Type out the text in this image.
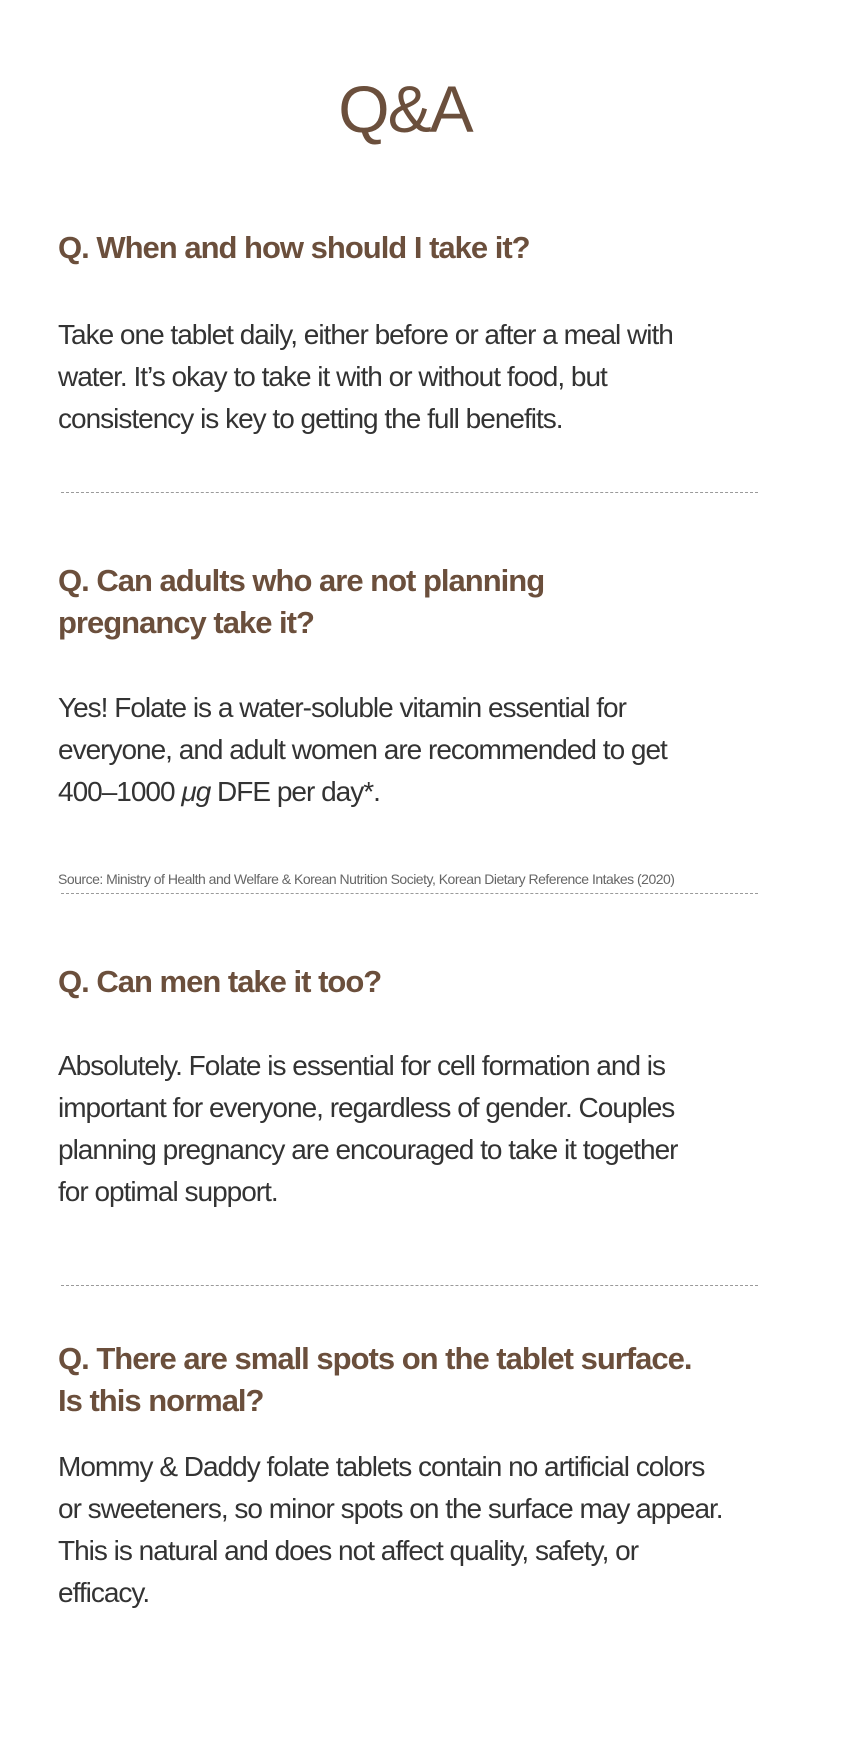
Q&A
Q. When and how should I take it?

Take one tablet daily, either before or after a meal with
water. It’s okay to take it with or without food, but
consistency is key to getting the full benefits.

Q. Can adults who are not planning
pregnancy take it?

Yes! Folate is a water-soluble vitamin essential for
everyone, and adult women are recommended to get
400–1000 μg DFE per day*.

Source: Ministry of Health and Welfare & Korean Nutrition Society, Korean Dietary Reference Intakes (2020)

Q. Can men take it too?

Absolutely. Folate is essential for cell formation and is
important for everyone, regardless of gender. Couples
planning pregnancy are encouraged to take it together
for optimal support.

Q. There are small spots on the tablet surface.
Is this normal?

Mommy & Daddy folate tablets contain no artificial colors
or sweeteners, so minor spots on the surface may appear.
This is natural and does not affect quality, safety, or
efficacy.
